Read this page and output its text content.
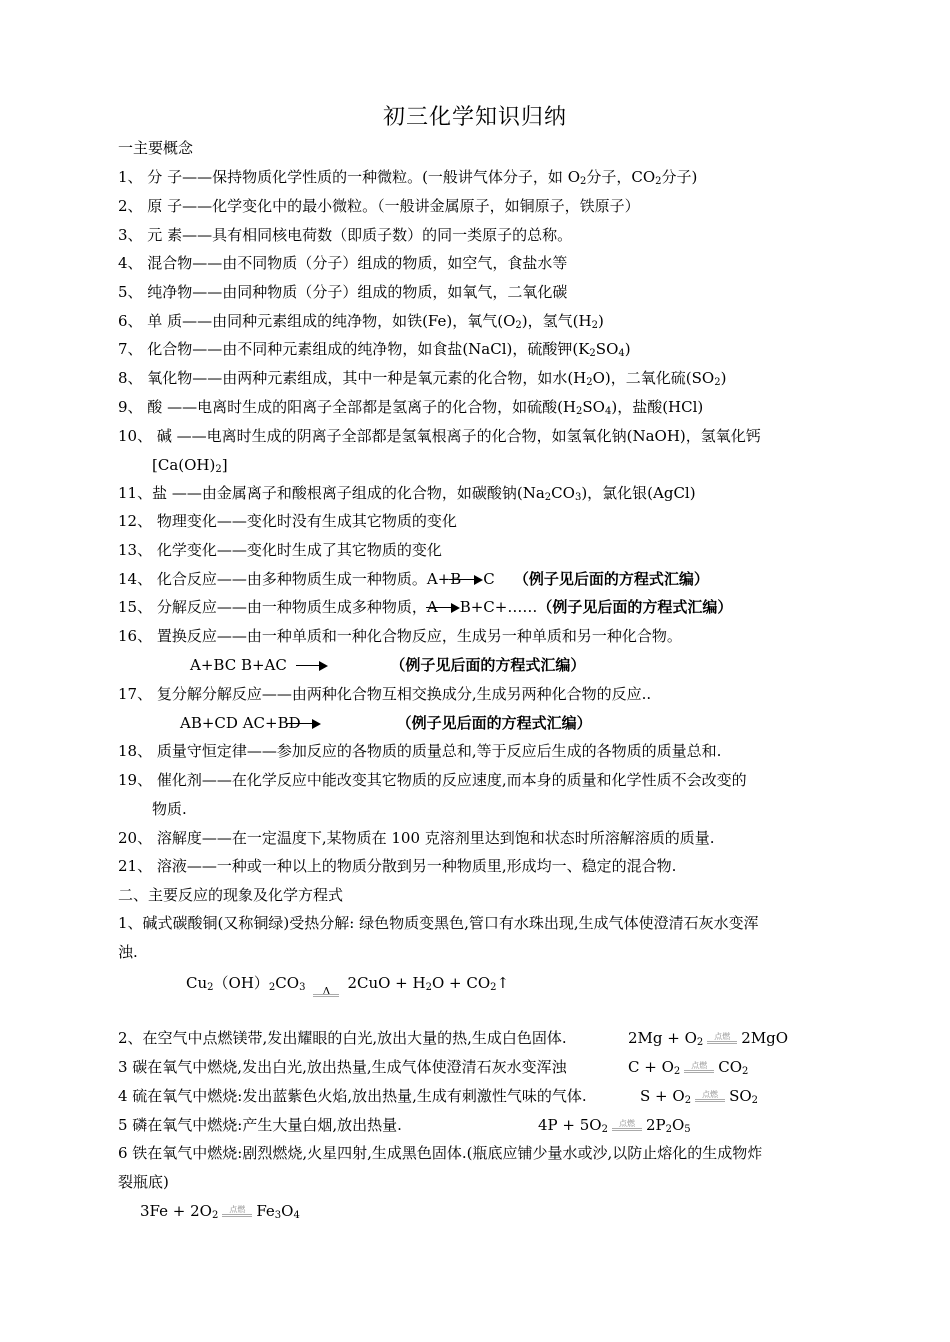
初三化学知识归纳
一主要概念
1、 分 子——保持物质化学性质的一种微粒。(一般讲气体分子，如 $O_2$分子，$CO_2$分子)
2、 原 子——化学变化中的最小微粒。（一般讲金属原子，如铜原子，铁原子）
3、 元 素——具有相同核电荷数（即质子数）的同一类原子的总称。
4、 混合物——由不同物质（分子）组成的物质，如空气，食盐水等
5、 纯净物——由同种物质（分子）组成的物质，如氧气，二氧化碳
6、 单 质——由同种元素组成的纯净物，如铁(Fe)，氧气$(O_2)$，氢气$(H_2)$
7、 化合物——由不同种元素组成的纯净物，如食盐(NaCl)，硫酸钾$(K_2SO_4)$
8、 氧化物——由两种元素组成，其中一种是氧元素的化合物，如水$(H_2O)$，二氧化硫$(SO_2)$
9、 酸 ——电离时生成的阳离子全部都是氢离子的化合物，如硫酸$(H_2SO_4)$，盐酸(HCl)
10、 碱 ——电离时生成的阴离子全部都是氢氧根离子的化合物，如氢氧化钠(NaOH)，氢氧化钙
$[Ca(OH)_2]$
11、盐 ——由金属离子和酸根离子组成的化合物，如碳酸钠$(Na_2CO_3)$，氯化银(AgCl)
12、 物理变化——变化时没有生成其它物质的变化
13、 化学变化——变化时生成了其它物质的变化
14、 化合反应——由多种物质生成一种物质。A+B C （例子见后面的方程式汇编）
15、 分解反应——由一种物质生成多种物质，A B+C+……（例子见后面的方程式汇编）
16、 置换反应——由一种单质和一种化合物反应，生成另一种单质和另一种化合物。
A+BC B+AC	（例子见后面的方程式汇编）
17、 复分解分解反应——由两种化合物互相交换成分,生成另两种化合物的反应..
AB+CD AC+BD	（例子见后面的方程式汇编）
18、 质量守恒定律——参加反应的各物质的质量总和,等于反应后生成的各物质的质量总和.
19、 催化剂——在化学反应中能改变其它物质的反应速度,而本身的质量和化学性质不会改变的
物质.
20、 溶解度——在一定温度下,某物质在 100 克溶剂里达到饱和状态时所溶解溶质的质量.
21、 溶液——一种或一种以上的物质分散到另一种物质里,形成均一、稳定的混合物.
二、主要反应的现象及化学方程式
1、碱式碳酸铜(又称铜绿)受热分解: 绿色物质变黑色,管口有水珠出现,生成气体使澄清石灰水变浑
浊.
$Cu_2(OH)_2CO_3$	Δ	$2CuO + H_2O$ + $CO_2↑$
2、在空气中点燃镁带,发出耀眼的白光,放出大量的热,生成白色固体.	$2Mg + O_2$
点燃 2MgO
3 碳在氧气中燃烧,发出白光,放出热量,生成气体使澄清石灰水变浑浊	$C + O_2$
点燃 $CO_2$
4 硫在氧气中燃烧:发出蓝紫色火焰,放出热量,生成有刺激性气味的气体.	$S + O_2$
点燃 $SO_2$
5 磷在氧气中燃烧:产生大量白烟,放出热量.	$4P + 5O_2$
点燃 $2P_2O_5$
6 铁在氧气中燃烧:剧烈燃烧,火星四射,生成黑色固体.(瓶底应铺少量水或沙,以防止熔化的生成物炸
裂瓶底)
$3Fe + 2O_2$
点燃 $Fe_3O_4$
